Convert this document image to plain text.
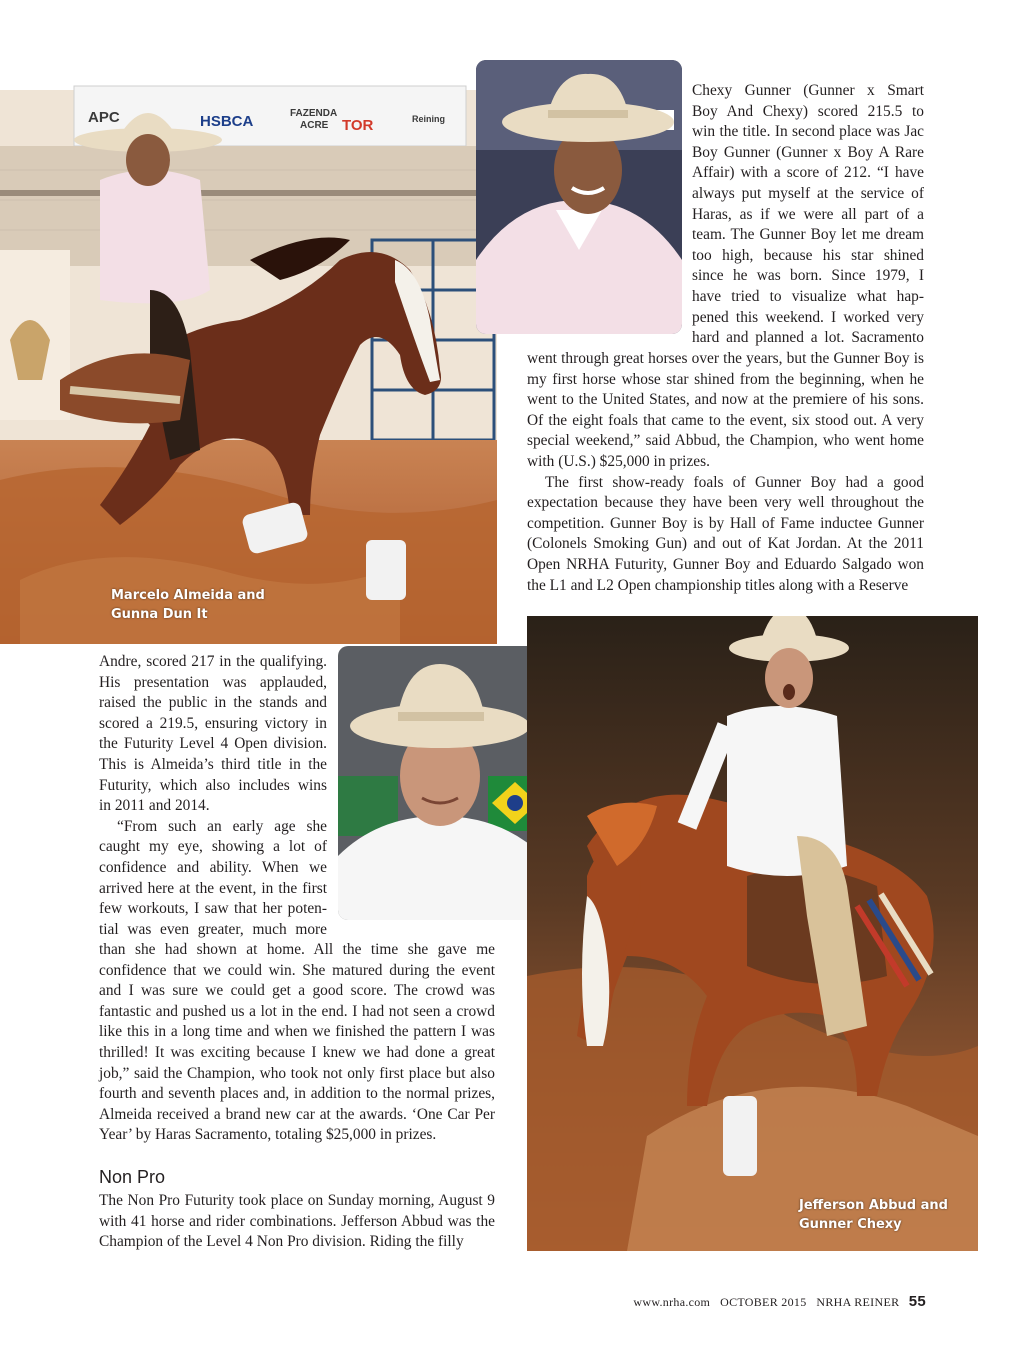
APC	HSBCA	FAZENDA
ACRE TOR	Reining
Marcelo Almeida and
Gunna Dun It
Jefferson Abbud and
Gunner Chexy
Chexy Gunner (Gunner x Smart
Boy And Chexy) scored 215.5 to
win the title. In second place was Jac
Boy Gunner (Gunner x Boy A Rare
Affair) with a score of 212. “I have
always put myself at the service of
Haras, as if we were all part of a
team. The Gunner Boy let me dream
too high, because his star shined
since he was born. Since 1979, I
have tried to visualize what hap-
pened this weekend. I worked very
hard and planned a lot. Sacramento

went through great horses over the years, but the Gunner Boy is my first horse whose star shined from the beginning, when he went to the United States, and now at the premiere of his sons. Of the eight foals that came to the event, six stood out. A very special weekend,” said Abbud, the Champion, who went home with (U.S.) $25,000 in prizes.

The first show-ready foals of Gunner Boy had a good expectation because they have been very well throughout the competition. Gunner Boy is by Hall of Fame inductee Gunner (Colonels Smoking Gun) and out of Kat Jordan. At the 2011 Open NRHA Futurity, Gunner Boy and Eduardo Salgado won the L1 and L2 Open championship titles along with a Reserve

Andre, scored 217 in the qualifying.
His presentation was applauded,
raised the public in the stands and
scored a 219.5, ensuring victory in
the Futurity Level 4 Open division.
This is Almeida’s third title in the
Futurity, which also includes wins
in 2011 and 2014.
“From such an early age she
caught my eye, showing a lot of
confidence and ability. When we
arrived here at the event, in the first
few workouts, I saw that her poten-
tial was even greater, much more

than she had shown at home. All the time she gave me confidence that we could win. She matured during the event and I was sure we could get a good score. The crowd was fantastic and pushed us a lot in the end. I had not seen a crowd like this in a long time and when we finished the pattern I was thrilled! It was exciting because I knew we had done a great job,” said the Champion, who took not only first place but also fourth and seventh places and, in addition to the normal prizes, Almeida received a brand new car at the awards. ‘One Car Per Year’ by Haras Sacramento, totaling $25,000 in prizes.

Non Pro

The Non Pro Futurity took place on Sunday morning, August 9 with 41 horse and rider combinations. Jefferson Abbud was the Champion of the Level 4 Non Pro division. Riding the filly

www.nrha.com OCTOBER 2015 NRHA REINER 55
